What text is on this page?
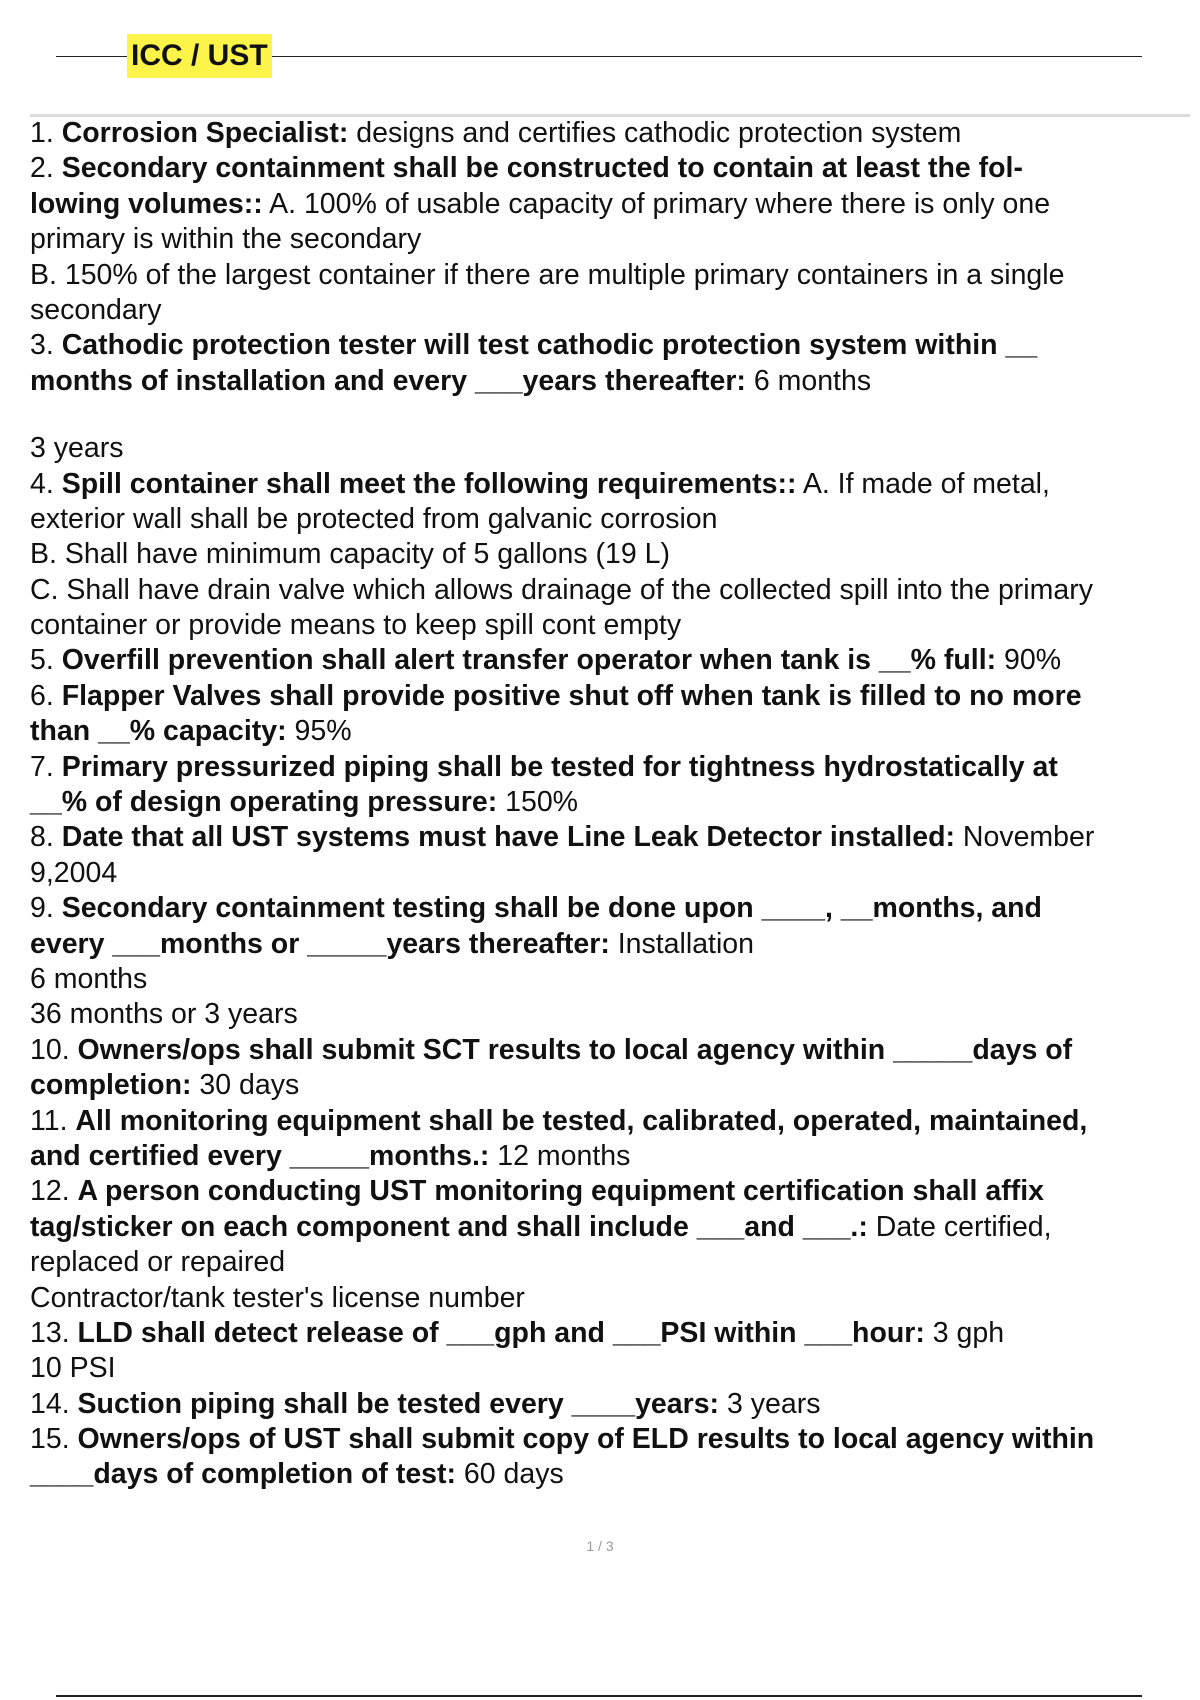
ICC / UST
1. Corrosion Specialist: designs and certifies cathodic protection system
2. Secondary containment shall be constructed to contain at least the fol-
lowing volumes:: A. 100% of usable capacity of primary where there is only one
primary is within the secondary
B. 150% of the largest container if there are multiple primary containers in a single
secondary
3. Cathodic protection tester will test cathodic protection system within __
months of installation and every ___years thereafter: 6 months
3 years
4. Spill container shall meet the following requirements:: A. If made of metal,
exterior wall shall be protected from galvanic corrosion
B. Shall have minimum capacity of 5 gallons (19 L)
C. Shall have drain valve which allows drainage of the collected spill into the primary
container or provide means to keep spill cont empty
5. Overfill prevention shall alert transfer operator when tank is __% full: 90%
6. Flapper Valves shall provide positive shut off when tank is filled to no more
than __% capacity: 95%
7. Primary pressurized piping shall be tested for tightness hydrostatically at
__% of design operating pressure: 150%
8. Date that all UST systems must have Line Leak Detector installed: November
9,2004
9. Secondary containment testing shall be done upon ____, __months, and
every ___months or _____years thereafter: Installation
6 months
36 months or 3 years
10. Owners/ops shall submit SCT results to local agency within _____days of
completion: 30 days
11. All monitoring equipment shall be tested, calibrated, operated, maintained,
and certified every _____months.: 12 months
12. A person conducting UST monitoring equipment certification shall affix
tag/sticker on each component and shall include ___and ___.: Date certified,
replaced or repaired
Contractor/tank tester's license number
13. LLD shall detect release of ___gph and ___PSI within ___hour: 3 gph
10 PSI
14. Suction piping shall be tested every ____years: 3 years
15. Owners/ops of UST shall submit copy of ELD results to local agency within
____days of completion of test: 60 days
1 / 3
